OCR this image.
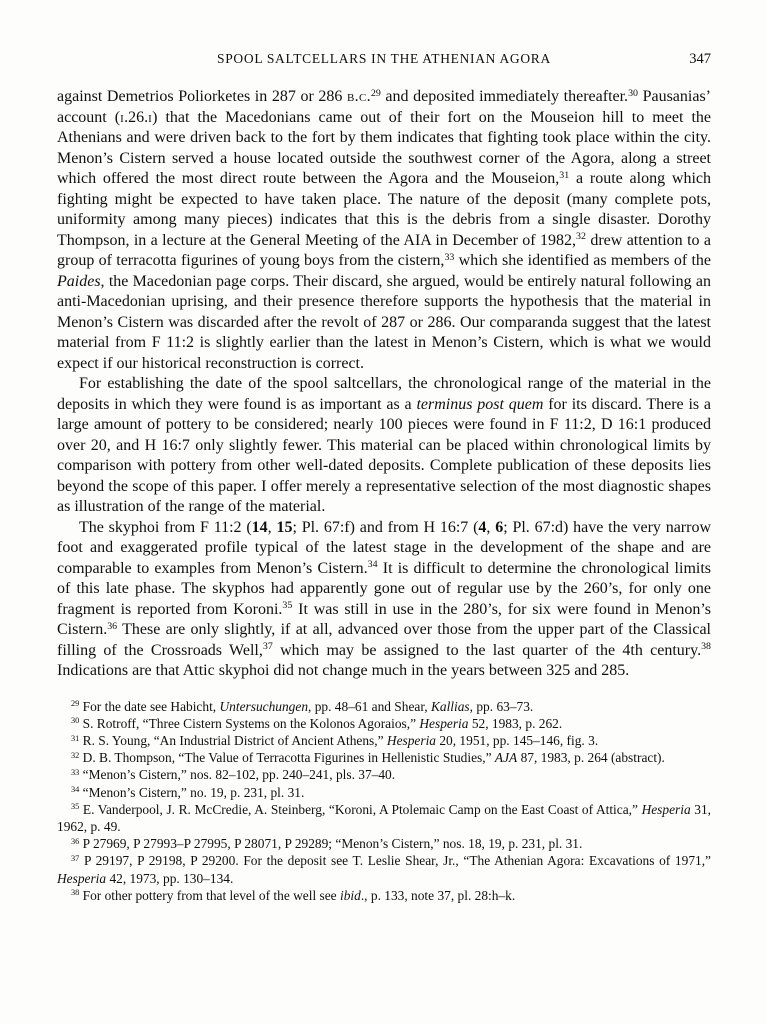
SPOOL SALTCELLARS IN THE ATHENIAN AGORA	347

against Demetrios Poliorketes in 287 or 286 b.c.$^{29}$ and deposited immediately thereafter.$^{30}$ Pausanias’ account (i.26.i) that the Macedonians came out of their fort on the Mouseion hill to meet the Athenians and were driven back to the fort by them indicates that fighting took place within the city. Menon’s Cistern served a house located outside the southwest corner of the Agora, along a street which offered the most direct route between the Agora and the Mouseion,$^{31}$ a route along which fighting might be expected to have taken place. The nature of the deposit (many complete pots, uniformity among many pieces) indicates that this is the debris from a single disaster. Dorothy Thompson, in a lecture at the General Meeting of the AIA in December of 1982,32 drew attention to a group of terracotta figurines of young boys from the cistern,$^{33}$ which she identified as members of the Paides, the Macedonian page corps. Their discard, she argued, would be entirely natural following an anti-Macedonian uprising, and their presence therefore supports the hypothesis that the material in Menon’s Cistern was discarded after the revolt of 287 or 286. Our comparanda suggest that the latest material from F 11:2 is slightly earlier than the latest in Menon’s Cistern, which is what we would expect if our historical reconstruction is correct.

For establishing the date of the spool saltcellars, the chronological range of the material in the deposits in which they were found is as important as a terminus post quem for its discard. There is a large amount of pottery to be considered; nearly 100 pieces were found in F 11:2, D 16:1 produced over 20, and H 16:7 only slightly fewer. This material can be placed within chronological limits by comparison with pottery from other well-dated deposits. Complete publication of these deposits lies beyond the scope of this paper. I offer merely a representative selection of the most diagnostic shapes as illustration of the range of the material.

The skyphoi from F 11:2 (14, 15; Pl. 67:f) and from H 16:7 (4, 6; Pl. 67:d) have the very narrow foot and exaggerated profile typical of the latest stage in the development of the shape and are comparable to examples from Menon’s Cistern.$^{34}$ It is difficult to determine the chronological limits of this late phase. The skyphos had apparently gone out of regular use by the 260’s, for only one fragment is reported from Koroni.$^{35}$ It was still in use in the 280’s, for six were found in Menon’s Cistern.$^{36}$ These are only slightly, if at all, advanced over those from the upper part of the Classical filling of the Crossroads Well,$^{37}$ which may be assigned to the last quarter of the 4th century.$^{38}$ Indications are that Attic skyphoi did not change much in the years between 325 and 285.

$^{29}$ For the date see Habicht, Untersuchungen, pp. 48–61 and Shear, Kallias, pp. 63–73.

$^{30}$ S. Rotroff, “Three Cistern Systems on the Kolonos Agoraios,” Hesperia 52, 1983, p. 262.

$^{31}$ R. S. Young, “An Industrial District of Ancient Athens,” Hesperia 20, 1951, pp. 145–146, fig. 3.

$^{32}$ D. B. Thompson, “The Value of Terracotta Figurines in Hellenistic Studies,” AJA 87, 1983, p. 264 (abstract).

$^{33}$ “Menon’s Cistern,” nos. 82–102, pp. 240–241, pls. 37–40.

$^{34}$ “Menon’s Cistern,” no. 19, p. 231, pl. 31.

$^{35}$ E. Vanderpool, J. R. McCredie, A. Steinberg, “Koroni, A Ptolemaic Camp on the East Coast of Attica,” Hesperia 31, 1962, p. 49.

$^{36}$ P 27969, P 27993–P 27995, P 28071, P 29289; “Menon’s Cistern,” nos. 18, 19, p. 231, pl. 31.

$^{37}$ P 29197, P 29198, P 29200. For the deposit see T. Leslie Shear, Jr., “The Athenian Agora: Excavations of 1971,” Hesperia 42, 1973, pp. 130–134.

$^{38}$ For other pottery from that level of the well see ibid., p. 133, note 37, pl. 28:h–k.
